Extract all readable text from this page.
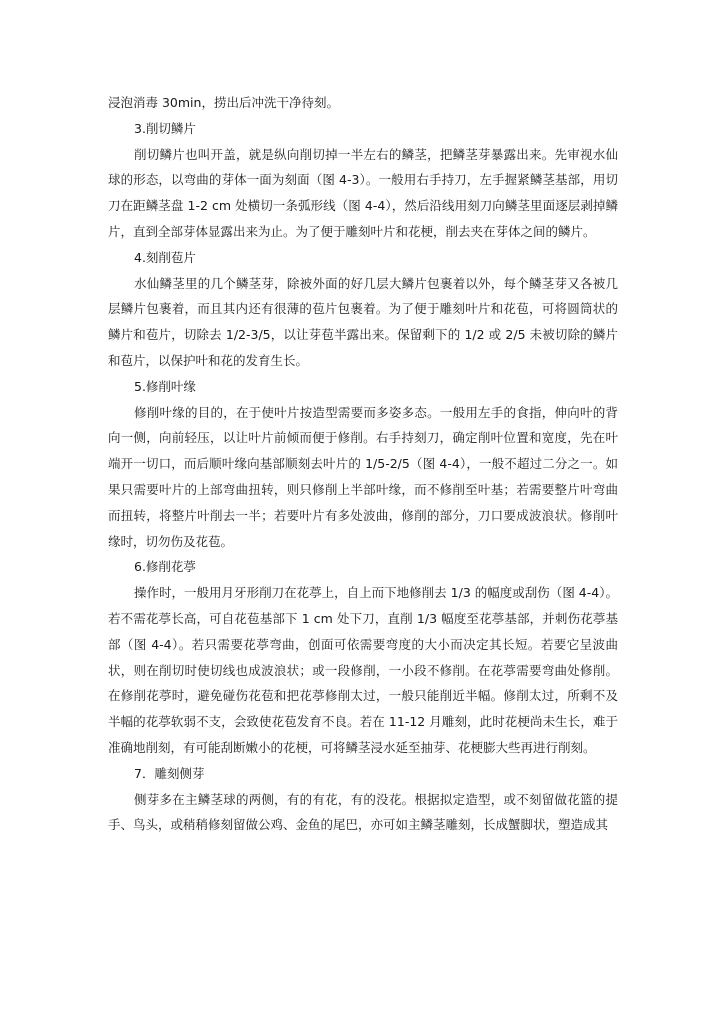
浸泡消毒 30min，捞出后冲洗干净待刻。

3.削切鳞片

削切鳞片也叫开盖，就是纵向削切掉一半左右的鳞茎，把鳞茎芽暴露出来。先审视水仙球的形态，以弯曲的芽体一面为刻面（图 4-3）。一般用右手持刀，左手握紧鳞茎基部，用切刀在距鳞茎盘 1-2 cm 处横切一条弧形线（图 4-4），然后沿线用刻刀向鳞茎里面逐层剥掉鳞片，直到全部芽体显露出来为止。为了便于雕刻叶片和花梗，削去夹在芽体之间的鳞片。

4.刻削苞片

水仙鳞茎里的几个鳞茎芽，除被外面的好几层大鳞片包裹着以外，每个鳞茎芽又各被几层鳞片包裹着，而且其内还有很薄的苞片包裹着。为了便于雕刻叶片和花苞，可将圆筒状的鳞片和苞片，切除去 1/2-3/5，以让芽苞半露出来。保留剩下的 1/2 或 2/5 未被切除的鳞片和苞片，以保护叶和花的发育生长。

5.修削叶缘

修削叶缘的目的，在于使叶片按造型需要而多姿多态。一般用左手的食指，伸向叶的背向一侧，向前轻压，以让叶片前倾而便于修削。右手持刻刀，确定削叶位置和宽度，先在叶端开一切口，而后顺叶缘向基部顺刻去叶片的 1/5-2/5（图 4-4），一般不超过二分之一。如果只需要叶片的上部弯曲扭转，则只修削上半部叶缘，而不修削至叶基；若需要整片叶弯曲而扭转，将整片叶削去一半；若要叶片有多处波曲，修削的部分，刀口要成波浪状。修削叶缘时，切勿伤及花苞。

6.修削花葶

操作时，一般用月牙形削刀在花葶上，自上而下地修削去 1/3 的幅度或刮伤（图 4-4）。若不需花葶长高，可自花苞基部下 1 cm 处下刀，直削 1/3 幅度至花葶基部，并刺伤花葶基部（图 4-4）。若只需要花葶弯曲，创面可依需要弯度的大小而决定其长短。若要它呈波曲状，则在削切时使切线也成波浪状；或一段修削，一小段不修削。在花葶需要弯曲处修削。在修削花葶时，避免碰伤花苞和把花葶修削太过，一般只能削近半幅。修削太过，所剩不及半幅的花葶软弱不支，会致使花苞发育不良。若在 11-12 月雕刻，此时花梗尚未生长，难于准确地削刻，有可能刮断嫩小的花梗，可将鳞茎浸水延至抽芽、花梗膨大些再进行削刻。

7．雕刻侧芽

侧芽多在主鳞茎球的两侧，有的有花，有的没花。根据拟定造型，或不刻留做花篮的提手、鸟头，或稍稍修刻留做公鸡、金鱼的尾巴，亦可如主鳞茎雕刻，长成蟹脚状，塑造成其
